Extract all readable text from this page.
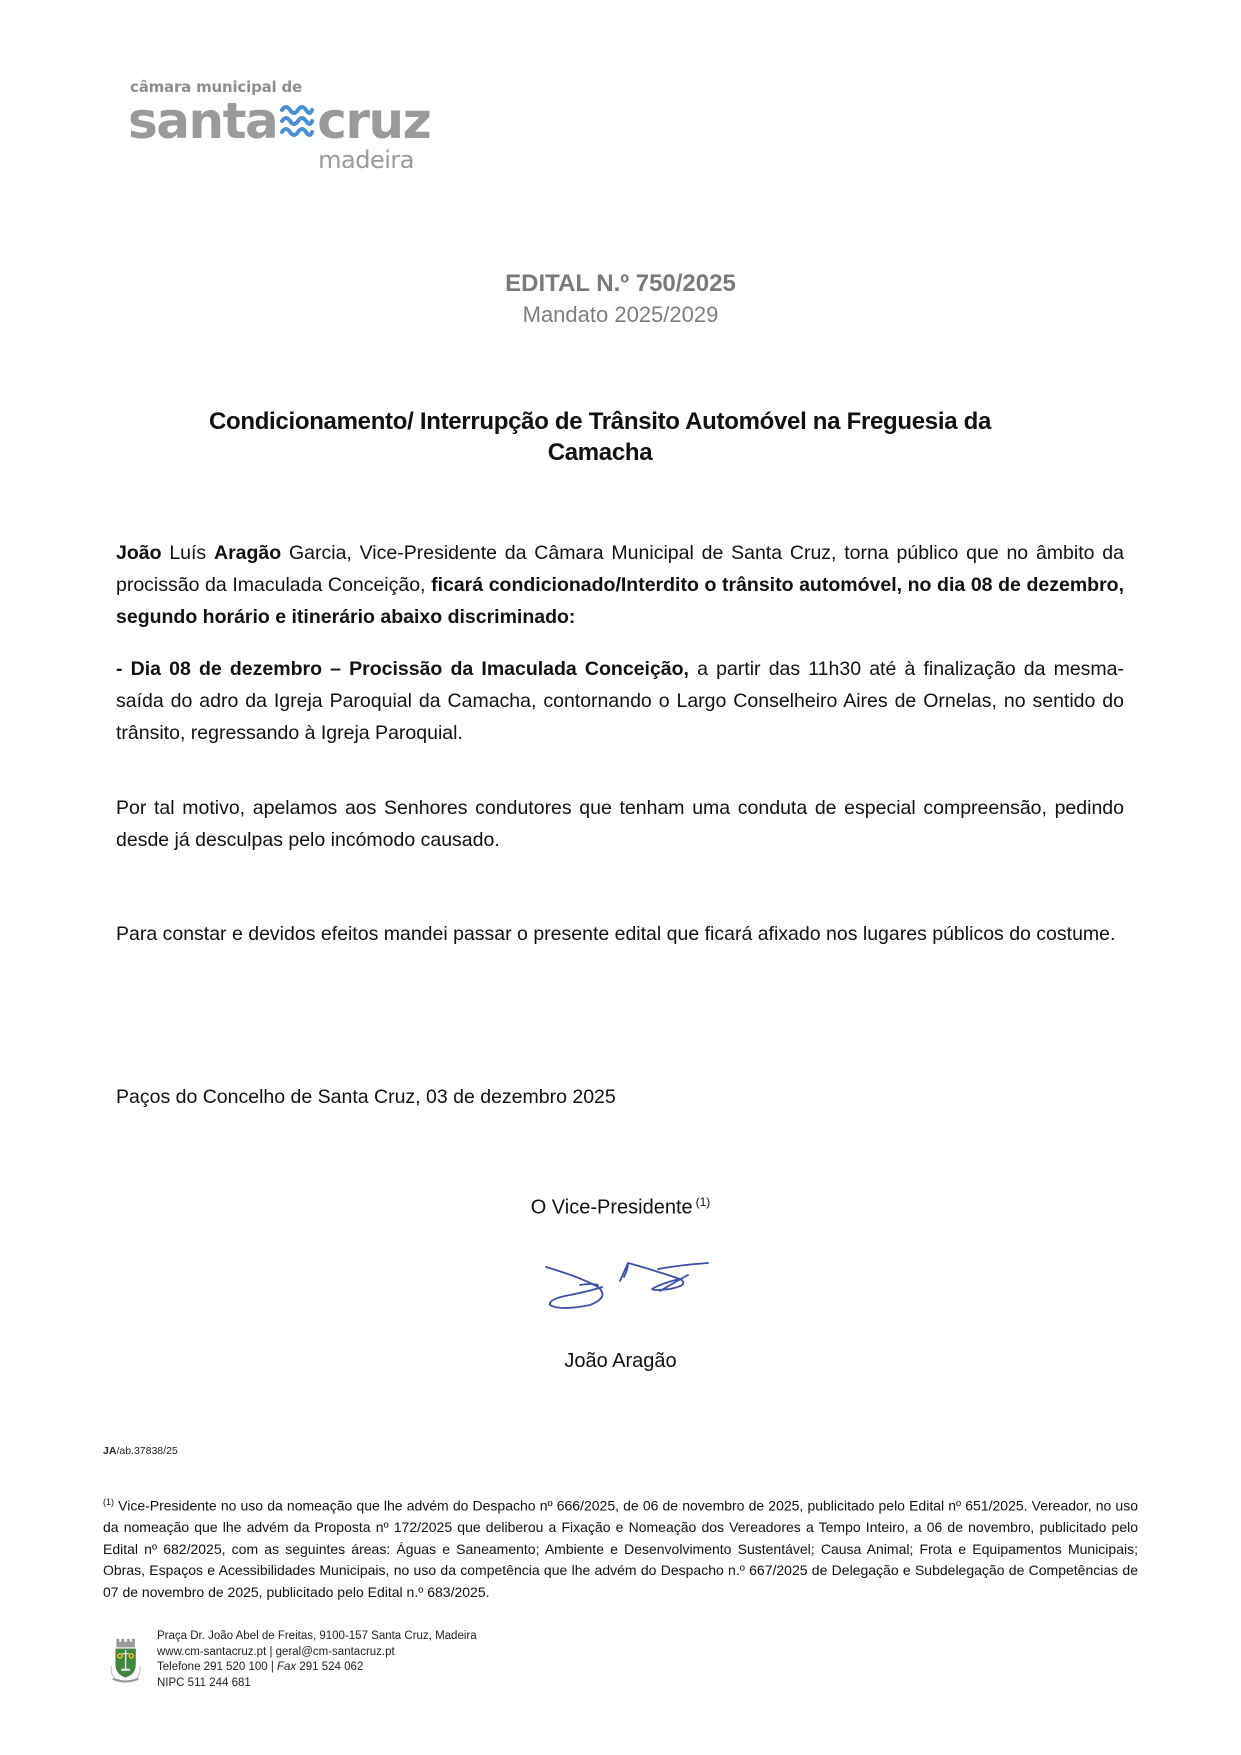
câmara municipal de
santa cruz
madeira
EDITAL N.º 750/2025
Mandato 2025/2029
Condicionamento/ Interrupção de Trânsito Automóvel na Freguesia da
Camacha
João Luís Aragão Garcia, Vice-Presidente da Câmara Municipal de Santa Cruz, torna público que no âmbito da procissão da Imaculada Conceição, ficará condicionado/Interdito o trânsito automóvel, no dia 08 de dezembro, segundo horário e itinerário abaixo discriminado:
- Dia 08 de dezembro – Procissão da Imaculada Conceição, a partir das 11h30 até à finalização da mesma- saída do adro da Igreja Paroquial da Camacha, contornando o Largo Conselheiro Aires de Ornelas, no sentido do trânsito, regressando à Igreja Paroquial.
Por tal motivo, apelamos aos Senhores condutores que tenham uma conduta de especial compreensão, pedindo desde já desculpas pelo incómodo causado.
Para constar e devidos efeitos mandei passar o presente edital que ficará afixado nos lugares públicos do costume.
Paços do Concelho de Santa Cruz, 03 de dezembro 2025
O Vice-Presidente $^{(1)}$
João Aragão
JA/ab.37838/25
$^{(1)}$ Vice-Presidente no uso da nomeação que lhe advém do Despacho nº 666/2025, de 06 de novembro de 2025, publicitado pelo Edital nº 651/2025. Vereador, no uso da nomeação que lhe advém da Proposta nº 172/2025 que deliberou a Fixação e Nomeação dos Vereadores a Tempo Inteiro, a 06 de novembro, publicitado pelo Edital nº 682/2025, com as seguintes áreas: Águas e Saneamento; Ambiente e Desenvolvimento Sustentável; Causa Animal; Frota e Equipamentos Municipais; Obras, Espaços e Acessibilidades Municipais, no uso da competência que lhe advém do Despacho n.º 667/2025 de Delegação e Subdelegação de Competências de 07 de novembro de 2025, publicitado pelo Edital n.º 683/2025.
Praça Dr. João Abel de Freitas, 9100-157 Santa Cruz, Madeira
www.cm-santacruz.pt | geral@cm-santacruz.pt
Telefone 291 520 100 | Fax 291 524 062
NIPC 511 244 681
